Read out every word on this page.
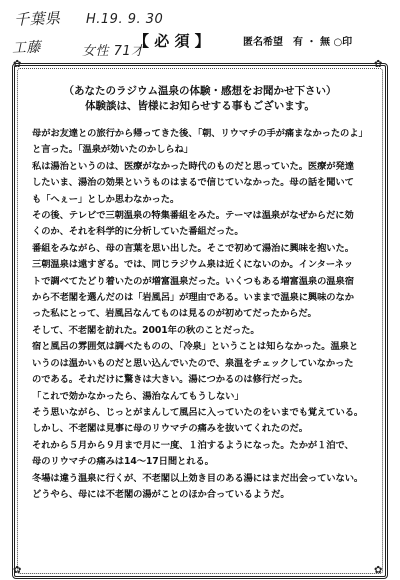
千葉県 H.19. 9. 30
工藤	女性 71才
【 必 須 】	匿名希望　有 ・ 無 ○印
✿	✿
✿	✿
（あなたのラジウム温泉の体験・感想をお聞かせ下さい）
体験談は、皆様にお知らせする事もございます。
母がお友達との旅行から帰ってきた後、「朝、リウマチの手が痛まなかったのよ」
と言った。「温泉が効いたのかしらね」
私は湯治というのは、医療がなかった時代のものだと思っていた。医療が発達
したいま、湯治の効果というものはまるで信じていなかった。母の話を聞いて
も「へぇー」としか思わなかった。
その後、テレビで三朝温泉の特集番組をみた。テーマは温泉がなぜからだに効
くのか、それを科学的に分析していた番組だった。
番組をみながら、母の言葉を思い出した。そこで初めて湯治に興味を抱いた。
三朝温泉は遠すぎる。では、同じラジウム泉は近くにないのか。インターネッ
トで調べてたどり着いたのが増富温泉だった。いくつもある増富温泉の温泉宿
から不老閣を選んだのは「岩風呂」が理由である。いままで温泉に興味のなか
った私にとって、岩風呂なんてものは見るのが初めてだったからだ。
そして、不老閣を訪れた。2001年の秋のことだった。
宿と風呂の雰囲気は調べたものの、「冷泉」ということは知らなかった。温泉と
いうのは温かいものだと思い込んでいたので、泉温をチェックしていなかった
のである。それだけに驚きは大きい。湯につかるのは修行だった。
「これで効かなかったら、湯治なんてもうしない」
そう思いながら、じっとがまんして風呂に入っていたのをいまでも覚えている。
しかし、不老閣は見事に母のリウマチの痛みを抜いてくれたのだ。
それから５月から９月まで月に一度、１泊するようになった。たかが１泊で、
母のリウマチの痛みは14～17日間とれる。
冬場は違う温泉に行くが、不老閣以上効き目のある湯にはまだ出会っていない。
どうやら、母には不老閣の湯がことのほか合っているようだ。
